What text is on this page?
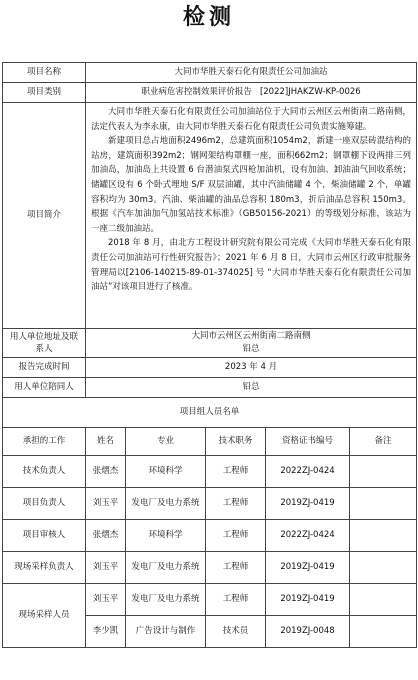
检测
项目名称	大同市华胜天泰石化有限责任公司加油站				
项目类别	职业病危害控制效果评价报告   [2022]JHAKZW-KP-0026				
项目简介	大同市华胜天泰石化有限责任公司加油站位于大同市云州区云州街南二路南侧，法定代表人为李永康，由大同市华胜天泰石化有限责任公司负责实施筹建。

新建项目总占地面积2496m2，总建筑面积1054m2，新建一座双层砖混结构的站房，建筑面积392m2；钢网架结构罩棚一座，面积662m2；钢罩棚下设两排三列加油岛，加油岛上共设置 6 台潜油泵式四枪加油机，设有加油、卸油油气回收系统；储罐区设有 6 个卧式埋地 S/F 双层油罐，其中汽油储罐 4 个，柴油储罐 2 个，单罐容积均为 30m3。汽油、柴油罐的油品总容积 180m3，折后油品总容积 150m3。根据《汽车加油加气加氢站技术标准》（GB50156-2021）的等级划分标准，该站为一座二级加油站。

2018 年 8 月，由北方工程设计研究院有限公司完成《大同市华胜天泰石化有限责任公司加油站可行性研究报告》；2021 年 6 月 8 日，大同市云州区行政审批服务管理局以[2106-140215-89-01-374025] 号 “大同市华胜天泰石化有限责任公司加油站”对该项目进行了核准。				

用人单位地址及联系人	大同市云州区云州街南二路南侧
铅总				

报告完成时间	2023 年 4 月				
用人单位陪同人	铅总				
项目组人员名单					
承担的工作	姓名	专业	技术职务	资格证书编号	备注
技术负责人	张熠杰	环境科学	工程师	2022ZJ-0424	
项目负责人	刘玉平	发电厂及电力系统	工程师	2019ZJ-0419	
项目审核人	张熠杰	环境科学	工程师	2022ZJ-0424	
现场采样负责人	刘玉平	发电厂及电力系统	工程师	2019ZJ-0419	
现场采样人员	刘玉平	发电厂及电力系统	工程师	2019ZJ-0419	
	李少凯	广告设计与制作	技术员	2019ZJ-0048	
